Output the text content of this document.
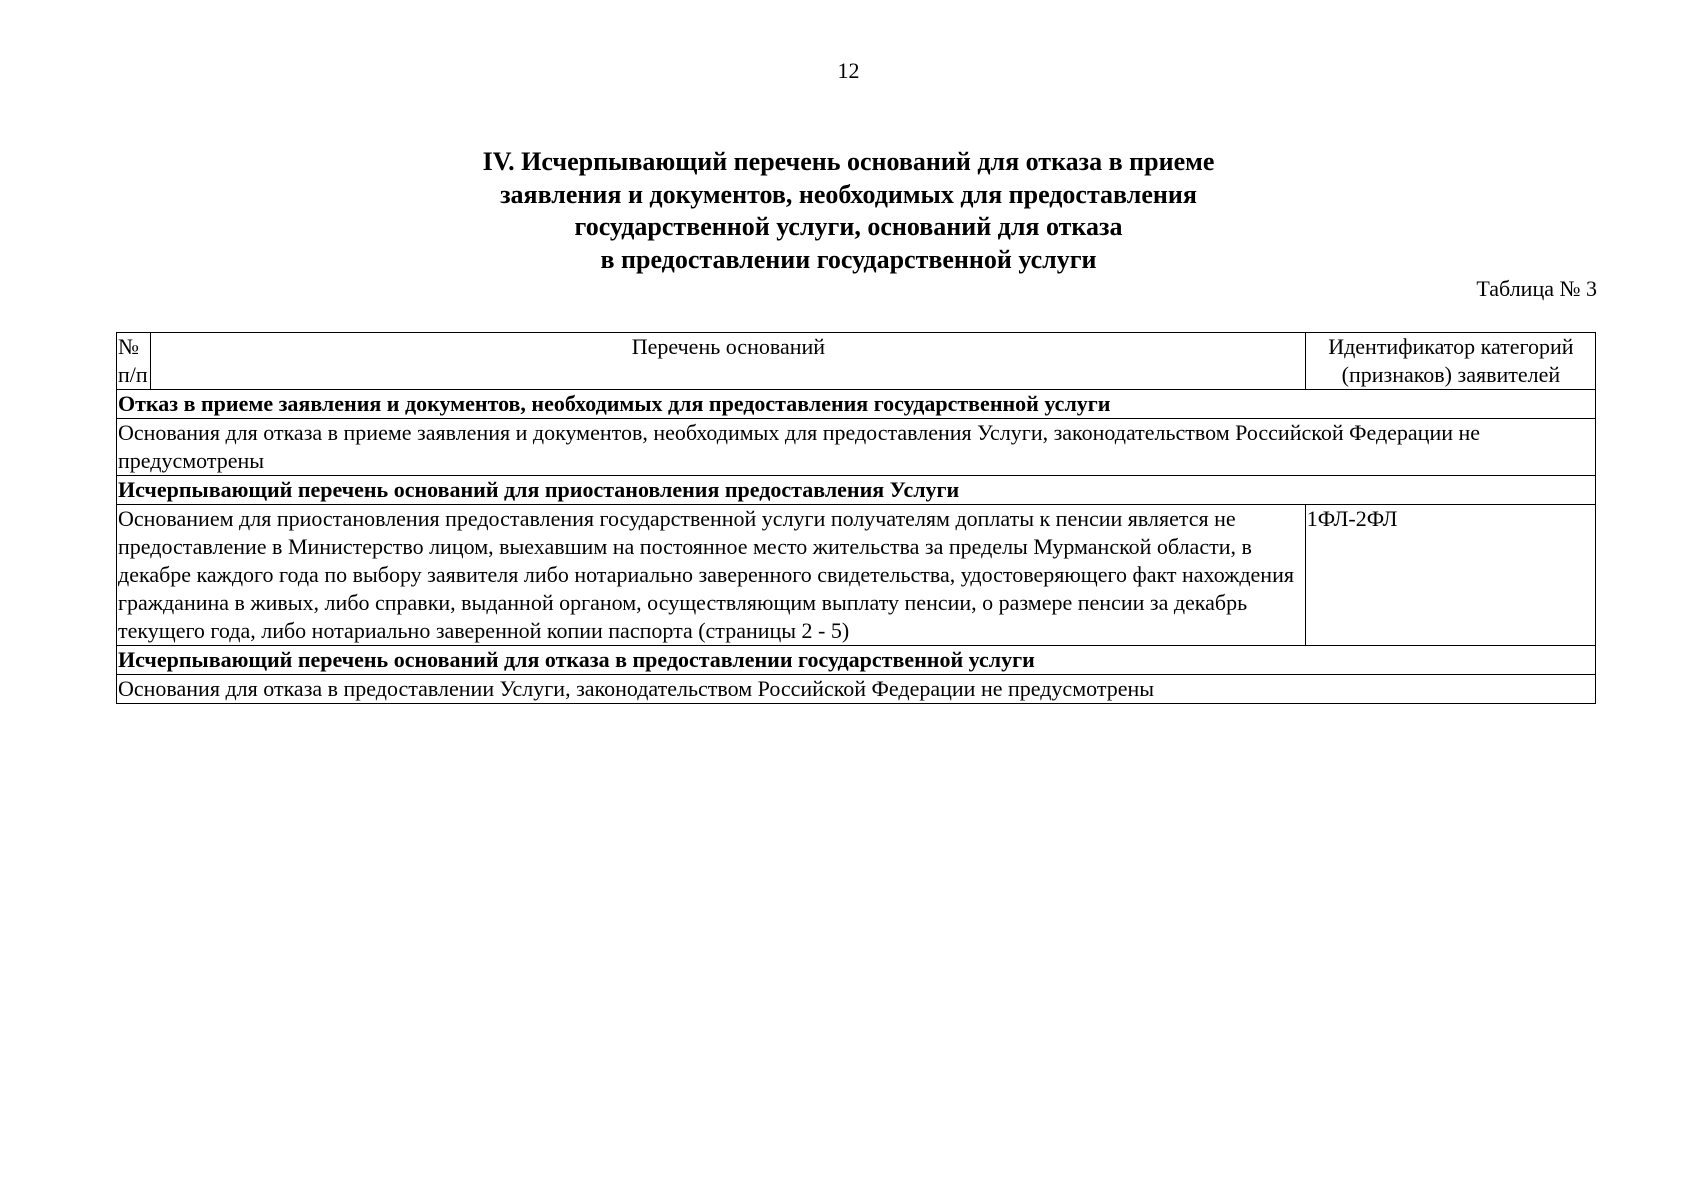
12
IV. Исчерпывающий перечень оснований для отказа в приеме
заявления и документов, необходимых для предоставления
государственной услуги, оснований для отказа
в предоставлении государственной услуги
Таблица № 3
№ п/п	Перечень оснований	Идентификатор категорий (признаков) заявителей
Отказ в приеме заявления и документов, необходимых для предоставления государственной услуги		
Основания для отказа в приеме заявления и документов, необходимых для предоставления Услуги, законодательством Российской Федерации не предусмотрены		
Исчерпывающий перечень оснований для приостановления предоставления Услуги		
Основанием для приостановления предоставления государственной услуги получателям доплаты к пенсии является не предоставление в Министерство лицом, выехавшим на постоянное место жительства за пределы Мурманской области, в декабре каждого года по выбору заявителя либо нотариально заверенного свидетельства, удостоверяющего факт нахождения гражданина в живых, либо справки, выданной органом, осуществляющим выплату пенсии, о размере пенсии за декабрь текущего года, либо нотариально заверенной копии паспорта (страницы 2 - 5)		1ФЛ-2ФЛ
Исчерпывающий перечень оснований для отказа в предоставлении государственной услуги		
Основания для отказа в предоставлении Услуги, законодательством Российской Федерации не предусмотрены		
